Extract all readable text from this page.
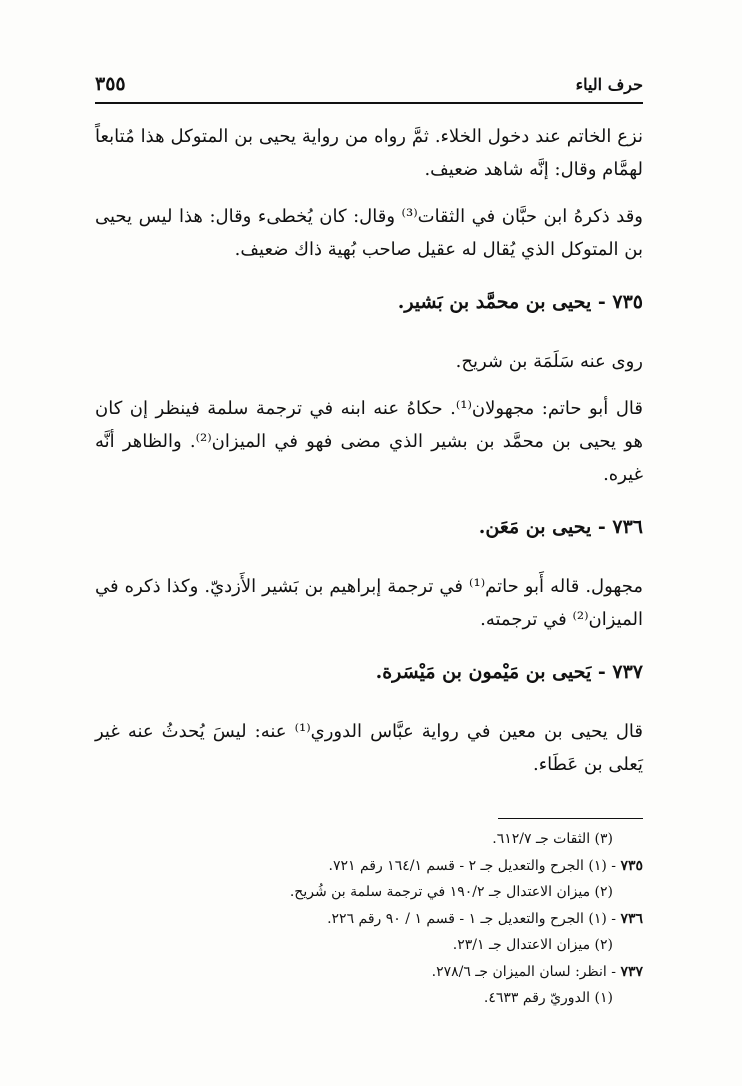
حرف الياء
٣٥٥

نزع الخاتم عند دخول الخلاء. ثمَّ رواه من رواية يحيى بن المتوكل هذا مُتابعاً لهمَّام وقال: إنَّه شاهد ضعيف.

وقد ذكرهُ ابن حبَّان في الثقات⁽³⁾ وقال: كان يُخطىء وقال: هذا ليس يحيى بن المتوكل الذي يُقال له عقيل صاحب بُهية ذاك ضعيف.

٧٣٥ - يحيى بن محمَّد بن بَشير.

روى عنه سَلَمَة بن شريح.

قال أبو حاتم: مجهولان⁽¹⁾. حكاهُ عنه ابنه في ترجمة سلمة فينظر إن كان هو يحيى بن محمَّد بن بشير الذي مضى فهو في الميزان⁽²⁾. والظاهر أنَّه غيره.

٧٣٦ - يحيى بن مَعَن.

مجهول. قاله أَبو حاتم⁽¹⁾ في ترجمة إبراهيم بن بَشير الأَزديّ. وكذا ذكره في الميزان⁽²⁾ في ترجمته.

٧٣٧ - يَحيى بن مَيْمون بن مَيْسَرة.

قال يحيى بن معين في رواية عبَّاس الدوري⁽¹⁾ عنه: ليسَ يُحدثُ عنه غير يَعلى بن عَطَاء.

(٣) الثقات جـ ٦١٢/٧.
٧٣٥ - (١) الجرح والتعديل جـ ٢ - قسم ١٦٤/١ رقم ٧٢١.
(٢) ميزان الاعتدال جـ ١٩٠/٢ في ترجمة سلمة بن شُريح.
٧٣٦ - (١) الجرح والتعديل جـ ١ - قسم ١ / ٩٠ رقم ٢٢٦.
(٢) ميزان الاعتدال جـ ٢٣/١.
٧٣٧ - انظر: لسان الميزان جـ ٢٧٨/٦.
(١) الدوريّ رقم ٤٦٣٣.
